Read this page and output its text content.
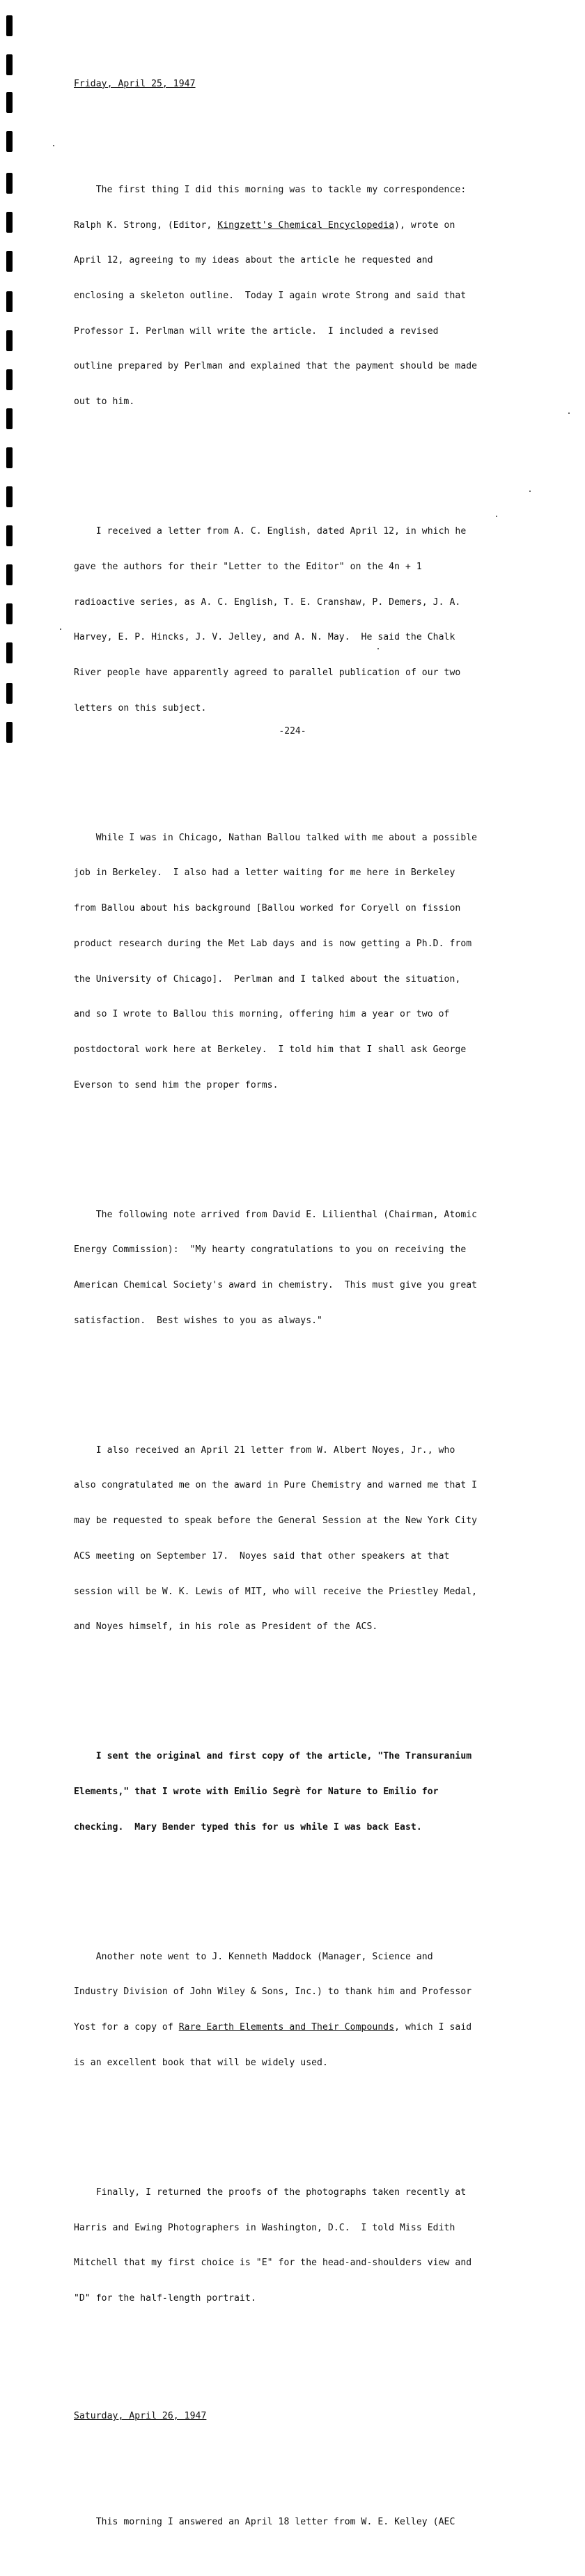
Friday, April 25, 1947

The first thing I did this morning was to tackle my correspondence:

Ralph K. Strong, (Editor, Kingzett's Chemical Encyclopedia), wrote on

April 12, agreeing to my ideas about the article he requested and

enclosing a skeleton outline.  Today I again wrote Strong and said that

Professor I. Perlman will write the article.  I included a revised

outline prepared by Perlman and explained that the payment should be made

out to him.

I received a letter from A. C. English, dated April 12, in which he

gave the authors for their "Letter to the Editor" on the 4n + 1

radioactive series, as A. C. English, T. E. Cranshaw, P. Demers, J. A.

Harvey, E. P. Hincks, J. V. Jelley, and A. N. May.  He said the Chalk

River people have apparently agreed to parallel publication of our two

letters on this subject.

While I was in Chicago, Nathan Ballou talked with me about a possible

job in Berkeley.  I also had a letter waiting for me here in Berkeley

from Ballou about his background [Ballou worked for Coryell on fission

product research during the Met Lab days and is now getting a Ph.D. from

the University of Chicago].  Perlman and I talked about the situation,

and so I wrote to Ballou this morning, offering him a year or two of

postdoctoral work here at Berkeley.  I told him that I shall ask George

Everson to send him the proper forms.

The following note arrived from David E. Lilienthal (Chairman, Atomic

Energy Commission):  "My hearty congratulations to you on receiving the

American Chemical Society's award in chemistry.  This must give you great

satisfaction.  Best wishes to you as always."

I also received an April 21 letter from W. Albert Noyes, Jr., who

also congratulated me on the award in Pure Chemistry and warned me that I

may be requested to speak before the General Session at the New York City

ACS meeting on September 17.  Noyes said that other speakers at that

session will be W. K. Lewis of MIT, who will receive the Priestley Medal,

and Noyes himself, in his role as President of the ACS.

I sent the original and first copy of the article, "The Transuranium

Elements," that I wrote with Emilio Segrè for Nature to Emilio for

checking.  Mary Bender typed this for us while I was back East.

Another note went to J. Kenneth Maddock (Manager, Science and

Industry Division of John Wiley & Sons, Inc.) to thank him and Professor

Yost for a copy of Rare Earth Elements and Their Compounds, which I said

is an excellent book that will be widely used.

Finally, I returned the proofs of the photographs taken recently at

Harris and Ewing Photographers in Washington, D.C.  I told Miss Edith

Mitchell that my first choice is "E" for the head-and-shoulders view and

"D" for the half-length portrait.

Saturday, April 26, 1947

This morning I answered an April 18 letter from W. E. Kelley (AEC

-224-
